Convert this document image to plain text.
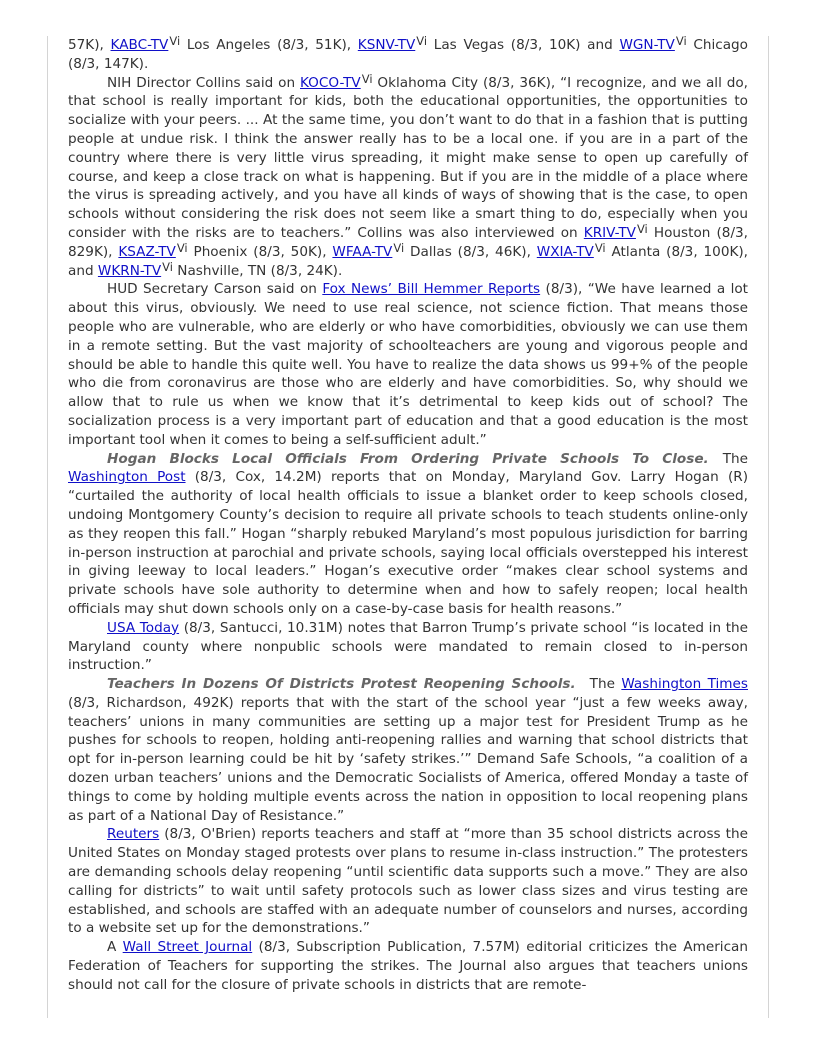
57K), KABC-$TV^{Vi}$ Los Angeles (8/3, 51K), KSNV-$TV^{Vi}$ Las Vegas (8/3, 10K) and WGN-$TV^{Vi}$ Chicago (8/3, 147K).

NIH Director Collins said on KOCO-$TV^{Vi}$ Oklahoma City (8/3, 36K), “I recognize, and we all do, that school is really important for kids, both the educational opportunities, the opportunities to socialize with your peers. ... At the same time, you don’t want to do that in a fashion that is putting people at undue risk. I think the answer really has to be a local one. if you are in a part of the country where there is very little virus spreading, it might make sense to open up carefully of course, and keep a close track on what is happening. But if you are in the middle of a place where the virus is spreading actively, and you have all kinds of ways of showing that is the case, to open schools without considering the risk does not seem like a smart thing to do, especially when you consider with the risks are to teachers.” Collins was also interviewed on KRIV-$TV^{Vi}$ Houston (8/3, 829K), KSAZ-$TV^{Vi}$ Phoenix (8/3, 50K), WFAA-$TV^{Vi}$ Dallas (8/3, 46K), WXIA-$TV^{Vi}$ Atlanta (8/3, 100K), and WKRN-$TV^{Vi}$ Nashville, TN (8/3, 24K).

HUD Secretary Carson said on Fox News’ Bill Hemmer Reports (8/3), “We have learned a lot about this virus, obviously. We need to use real science, not science fiction. That means those people who are vulnerable, who are elderly or who have comorbidities, obviously we can use them in a remote setting. But the vast majority of schoolteachers are young and vigorous people and should be able to handle this quite well. You have to realize the data shows us 99+% of the people who die from coronavirus are those who are elderly and have comorbidities. So, why should we allow that to rule us when we know that it’s detrimental to keep kids out of school? The socialization process is a very important part of education and that a good education is the most important tool when it comes to being a self-sufficient adult.”

Hogan Blocks Local Officials From Ordering Private Schools To Close. The Washington Post (8/3, Cox, 14.2M) reports that on Monday, Maryland Gov. Larry Hogan (R) “curtailed the authority of local health officials to issue a blanket order to keep schools closed, undoing Montgomery County’s decision to require all private schools to teach students online-only as they reopen this fall.” Hogan “sharply rebuked Maryland’s most populous jurisdiction for barring in-person instruction at parochial and private schools, saying local officials overstepped his interest in giving leeway to local leaders.” Hogan’s executive order “makes clear school systems and private schools have sole authority to determine when and how to safely reopen; local health officials may shut down schools only on a case-by-case basis for health reasons.”

USA Today (8/3, Santucci, 10.31M) notes that Barron Trump’s private school “is located in the Maryland county where nonpublic schools were mandated to remain closed to in-person instruction.”

Teachers In Dozens Of Districts Protest Reopening Schools. The Washington Times (8/3, Richardson, 492K) reports that with the start of the school year “just a few weeks away, teachers’ unions in many communities are setting up a major test for President Trump as he pushes for schools to reopen, holding anti-reopening rallies and warning that school districts that opt for in-person learning could be hit by ‘safety strikes.’” Demand Safe Schools, “a coalition of a dozen urban teachers’ unions and the Democratic Socialists of America, offered Monday a taste of things to come by holding multiple events across the nation in opposition to local reopening plans as part of a National Day of Resistance.”

Reuters (8/3, O'Brien) reports teachers and staff at “more than 35 school districts across the United States on Monday staged protests over plans to resume in-class instruction.” The protesters are demanding schools delay reopening “until scientific data supports such a move.” They are also calling for districts” to wait until safety protocols such as lower class sizes and virus testing are established, and schools are staffed with an adequate number of counselors and nurses, according to a website set up for the demonstrations.”

A Wall Street Journal (8/3, Subscription Publication, 7.57M) editorial criticizes the American Federation of Teachers for supporting the strikes. The Journal also argues that teachers unions should not call for the closure of private schools in districts that are remote-
